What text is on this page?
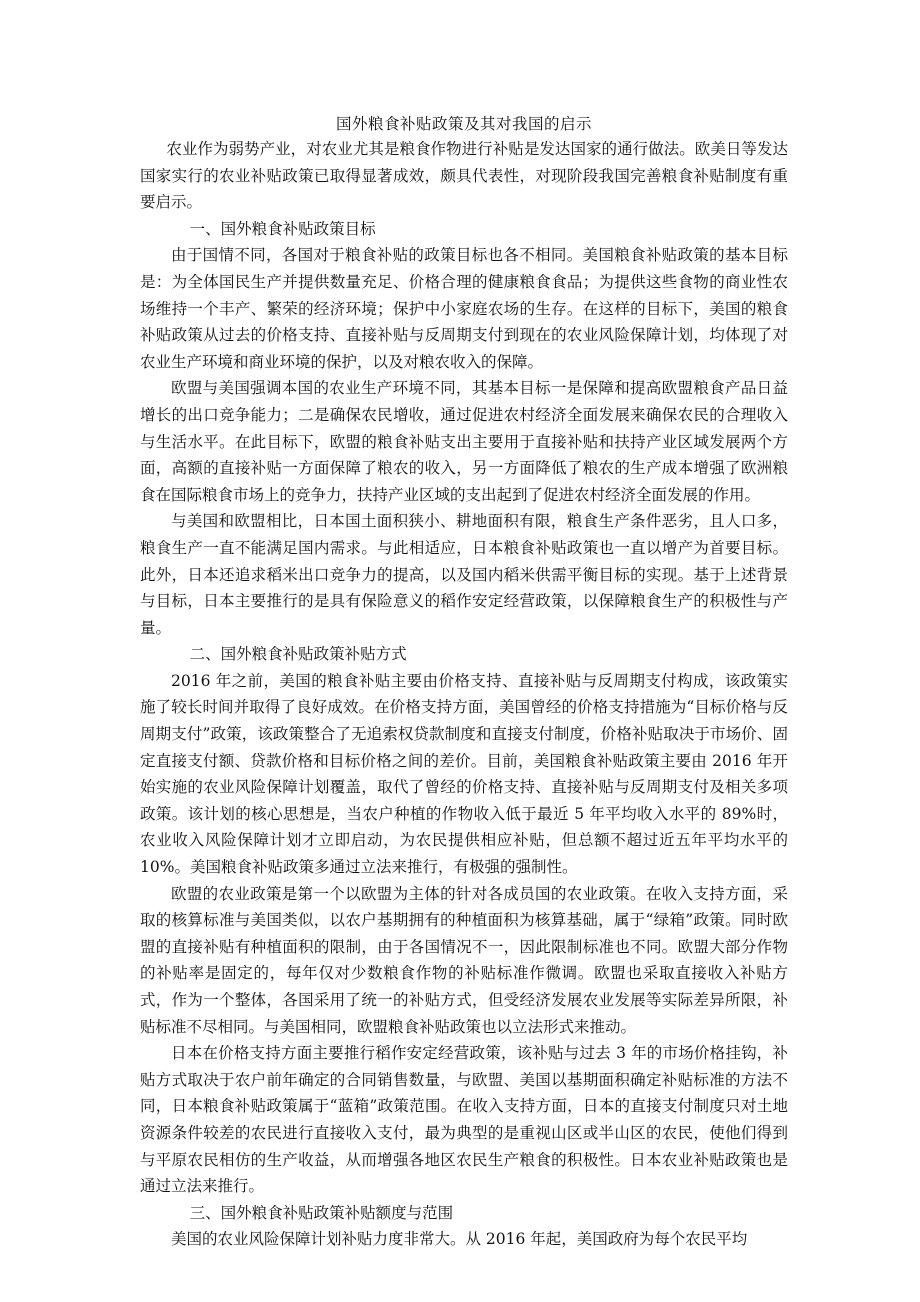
国外粮食补贴政策及其对我国的启示

农业作为弱势产业，对农业尤其是粮食作物进行补贴是发达国家的通行做法。欧美日等发达国家实行的农业补贴政策已取得显著成效，颇具代表性，对现阶段我国完善粮食补贴制度有重要启示。

一、国外粮食补贴政策目标

由于国情不同，各国对于粮食补贴的政策目标也各不相同。美国粮食补贴政策的基本目标是：为全体国民生产并提供数量充足、价格合理的健康粮食食品；为提供这些食物的商业性农场维持一个丰产、繁荣的经济环境；保护中小家庭农场的生存。在这样的目标下，美国的粮食补贴政策从过去的价格支持、直接补贴与反周期支付到现在的农业风险保障计划，均体现了对农业生产环境和商业环境的保护，以及对粮农收入的保障。

欧盟与美国强调本国的农业生产环境不同，其基本目标一是保障和提高欧盟粮食产品日益增长的出口竞争能力；二是确保农民增收，通过促进农村经济全面发展来确保农民的合理收入与生活水平。在此目标下，欧盟的粮食补贴支出主要用于直接补贴和扶持产业区域发展两个方面，高额的直接补贴一方面保障了粮农的收入，另一方面降低了粮农的生产成本增强了欧洲粮食在国际粮食市场上的竞争力，扶持产业区域的支出起到了促进农村经济全面发展的作用。

与美国和欧盟相比，日本国土面积狭小、耕地面积有限，粮食生产条件恶劣，且人口多，粮食生产一直不能满足国内需求。与此相适应，日本粮食补贴政策也一直以增产为首要目标。此外，日本还追求稻米出口竞争力的提高，以及国内稻米供需平衡目标的实现。基于上述背景与目标，日本主要推行的是具有保险意义的稻作安定经营政策，以保障粮食生产的积极性与产量。

二、国外粮食补贴政策补贴方式

2016 年之前，美国的粮食补贴主要由价格支持、直接补贴与反周期支付构成，该政策实施了较长时间并取得了良好成效。在价格支持方面，美国曾经的价格支持措施为“目标价格与反周期支付”政策，该政策整合了无追索权贷款制度和直接支付制度，价格补贴取决于市场价、固定直接支付额、贷款价格和目标价格之间的差价。目前，美国粮食补贴政策主要由 2016 年开始实施的农业风险保障计划覆盖，取代了曾经的价格支持、直接补贴与反周期支付及相关多项政策。该计划的核心思想是，当农户种植的作物收入低于最近 5 年平均收入水平的 89%时，农业收入风险保障计划才立即启动，为农民提供相应补贴，但总额不超过近五年平均水平的 10%。美国粮食补贴政策多通过立法来推行，有极强的强制性。

欧盟的农业政策是第一个以欧盟为主体的针对各成员国的农业政策。在收入支持方面，采取的核算标准与美国类似，以农户基期拥有的种植面积为核算基础，属于“绿箱”政策。同时欧盟的直接补贴有种植面积的限制，由于各国情况不一，因此限制标准也不同。欧盟大部分作物的补贴率是固定的，每年仅对少数粮食作物的补贴标准作微调。欧盟也采取直接收入补贴方式，作为一个整体，各国采用了统一的补贴方式，但受经济发展农业发展等实际差异所限，补贴标准不尽相同。与美国相同，欧盟粮食补贴政策也以立法形式来推动。

日本在价格支持方面主要推行稻作安定经营政策，该补贴与过去 3 年的市场价格挂钩，补贴方式取决于农户前年确定的合同销售数量，与欧盟、美国以基期面积确定补贴标准的方法不同，日本粮食补贴政策属于“蓝箱”政策范围。在收入支持方面，日本的直接支付制度只对土地资源条件较差的农民进行直接收入支付，最为典型的是重视山区或半山区的农民，使他们得到与平原农民相仿的生产收益，从而增强各地区农民生产粮食的积极性。日本农业补贴政策也是通过立法来推行。

三、国外粮食补贴政策补贴额度与范围

美国的农业风险保障计划补贴力度非常大。从 2016 年起，美国政府为每个农民平均
